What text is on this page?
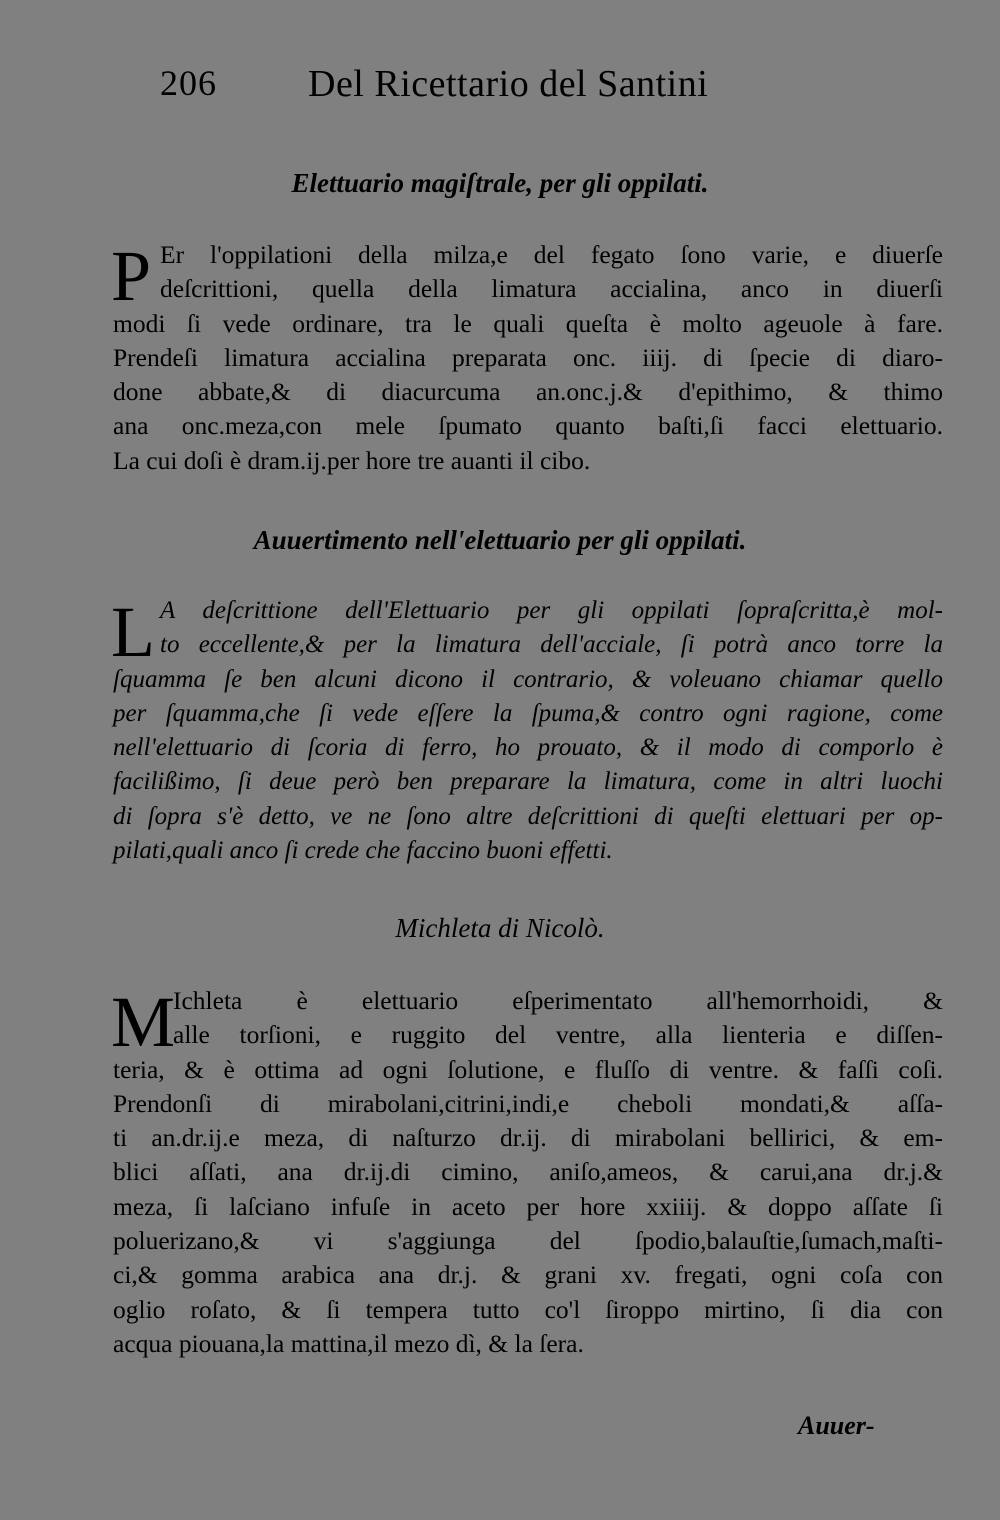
206 Del Ricettario del Santini
Elettuario magiſtrale, per gli oppilati.
P Er l'oppilationi della milza,e del fegato ſono varie, e diuerſe
deſcrittioni, quella della limatura accialina, anco in diuerſi
modi ſi vede ordinare, tra le quali queſta è molto ageuole à fare.
Prendeſi limatura accialina preparata onc. iiij. di ſpecie di diaro-
done abbate,& di diacurcuma an.onc.j.& d'epithimo, & thimo
ana onc.meza,con mele ſpumato quanto baſti,ſi facci elettuario.
La cui doſi è dram.ij.per hore tre auanti il cibo.
Auuertimento nell'elettuario per gli oppilati.
L A deſcrittione dell'Elettuario per gli oppilati ſopraſcritta,è mol-
to eccellente,& per la limatura dell'acciale, ſi potrà anco torre la
ſquamma ſe ben alcuni dicono il contrario, & voleuano chiamar quello
per ſquamma,che ſi vede eſſere la ſpuma,& contro ogni ragione, come
nell'elettuario di ſcoria di ferro, ho prouato, & il modo di comporlo è
facilißimo, ſi deue però ben preparare la limatura, come in altri luochi
di ſopra s'è detto, ve ne ſono altre deſcrittioni di queſti elettuari per op-
pilati,quali anco ſi crede che faccino buoni effetti.
Michleta di Nicolò.
M
Ichleta è elettuario eſperimentato all'hemorrhoidi, &
alle torſioni, e ruggito del ventre, alla lienteria e diſſen-
teria, & è ottima ad ogni ſolutione, e fluſſo di ventre. & faſſi coſi.
Prendonſi di mirabolani,citrini,indi,e cheboli mondati,& aſſa-
ti an.dr.ij.e meza, di naſturzo dr.ij. di mirabolani bellirici, & em-
blici aſſati, ana dr.ij.di cimino, aniſo,ameos, & carui,ana dr.j.&
meza, ſi laſciano infuſe in aceto per hore xxiiij. & doppo aſſate ſi
poluerizano,& vi s'aggiunga del ſpodio,balauſtie,ſumach,maſti-
ci,& gomma arabica ana dr.j. & grani xv. fregati, ogni coſa con
oglio roſato, & ſi tempera tutto co'l ſiroppo mirtino, ſi dia con
acqua piouana,la mattina,il mezo dì, & la ſera.
Auuer-
